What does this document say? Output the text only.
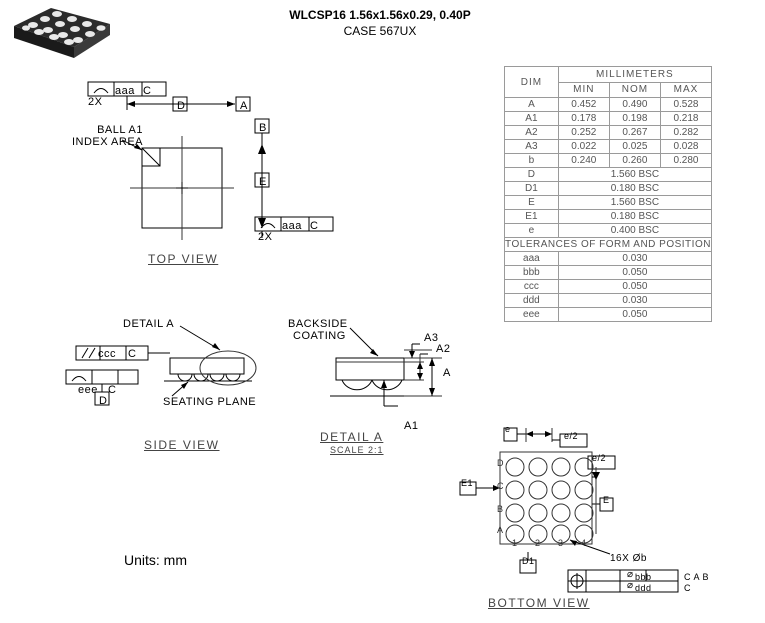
WLCSP16 1.56x1.56x0.29, 0.40P
CASE 567UX
2X
2X
aaa C
D	A
B
E
aaa C
BALL A1
INDEX AREA
TOP VIEW
DETAIL A
ccc C
eee C
D	SEATING PLANE
SIDE VIEW
BACKSIDE
COATING	A3
A2
A
A1
DETAIL A
SCALE 2:1
e
e/2
e/2
E1
E
D1	16X Øb
bbb	C A B
ddd	C
⌀
⌀
D
C
B
A
1 2 3 4
BOTTOM VIEW
Units: mm
DIM	MILLIMETERS		
	MIN	NOM	MAX
A	0.452	0.490	0.528
A1	0.178	0.198	0.218
A2	0.252	0.267	0.282
A3	0.022	0.025	0.028
b	0.240	0.260	0.280
D	1.560 BSC		
D1	0.180 BSC		
E	1.560 BSC		
E1	0.180 BSC		
e	0.400 BSC		
TOLERANCES OF FORM AND POSITION			
aaa	0.030		
bbb	0.050		
ccc	0.050		
ddd	0.030		
eee	0.050		
